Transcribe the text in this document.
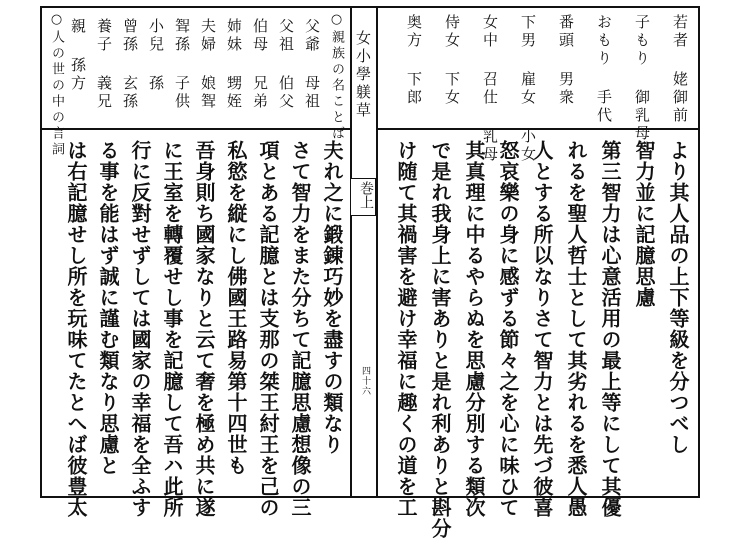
女小學躾草
巻上
四十六
若者 姥御前
子もり 御乳母
おもり 手代
番頭 男衆
下男 雇女 小女
女中 召仕 乳母
侍女 下女
奥方 下郎
より其人品の上下等級を分つべし
智力並に記臆思慮
第三智力は心意活用の最上等にして其優
れるを聖人哲士として其劣れるを悉人愚
人とする所以なりさて智力とは先づ彼喜
怒哀樂の身に感ずる節々之を心に味ひて
其真理に中るやらぬを思慮分別する類次
で是れ我身上に害ありと是れ利ありと斟分
け随て其禍害を避け幸福に趣くの道を工
○親族の名ことば
父爺 母祖
父祖 伯父
伯母 兄弟
姉妹 甥姪
夫婦 娘聟
聟孫 子供
小兒 孫
曾孫 玄孫
養子 義兄
親 孫方
○人の世の中の言詞
夫れ之に鍛錬巧妙を盡すの類なり
さて智力をまた分ちて記臆思慮想像の三
項とある記臆とは支那の桀王紂王を己の
私慾を縦にし佛國王路易第十四世も
吾身則ち國家なりと云て奢を極め共に遂
に王室を轉覆せし事を記臆して吾ハ此所
行に反對せずしては國家の幸福を全ふす
る事を能はず誠に謹む類なり思慮と
は右記臆せし所を玩味てたとへば彼豊太
